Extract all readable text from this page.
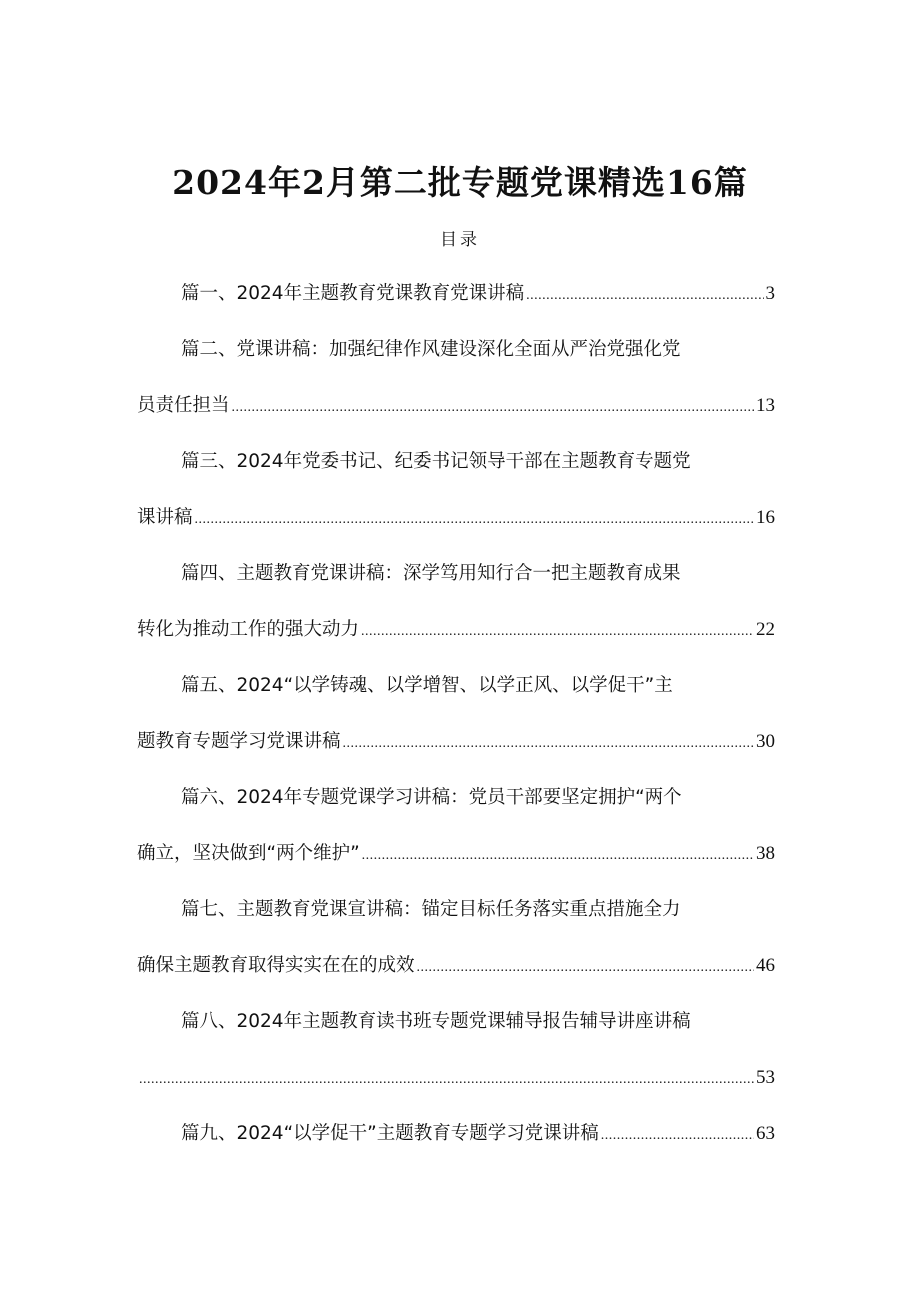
2024年2月第二批专题党课精选16篇
目录
篇一、2024年主题教育党课教育党课讲稿 .....	3
篇二、党课讲稿：加强纪律作风建设深化全面从严治党强化党
员责任担当 .....	13
篇三、2024年党委书记、纪委书记领导干部在主题教育专题党
课讲稿 .....	16
篇四、主题教育党课讲稿：深学笃用知行合一把主题教育成果
转化为推动工作的强大动力 .....	22
篇五、2024“以学铸魂、以学增智、以学正风、以学促干”主
题教育专题学习党课讲稿 .....	30
篇六、2024年专题党课学习讲稿：党员干部要坚定拥护“两个
确立，坚决做到“两个维护” .....	38
篇七、主题教育党课宣讲稿：锚定目标任务落实重点措施全力
确保主题教育取得实实在在的成效 .....	46
篇八、2024年主题教育读书班专题党课辅导报告辅导讲座讲稿
.....
53
篇九、2024“以学促干”主题教育专题学习党课讲稿 .....	63
